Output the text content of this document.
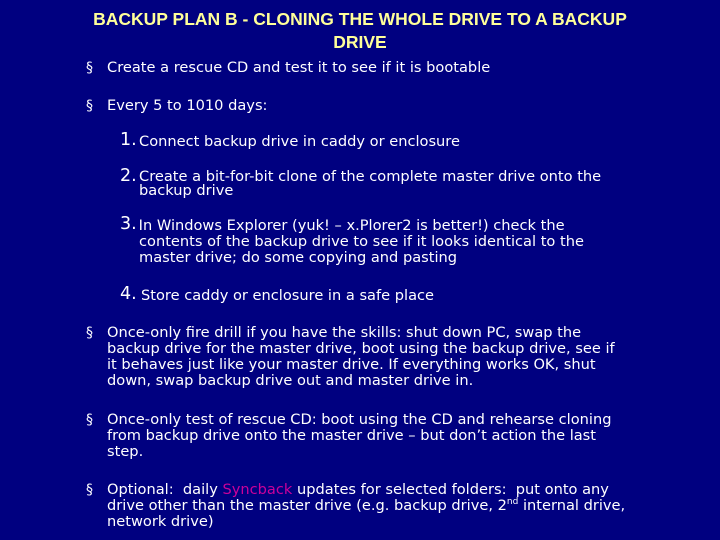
BACKUP PLAN B - CLONING THE WHOLE DRIVE TO A BACKUP
DRIVE
§ Create a rescue CD and test it to see if it is bootable
§ Every 5 to 1010 days:
1. Connect backup drive in caddy or enclosure
2. Create a bit-for-bit clone of the complete master drive onto the
backup drive
3.
In Windows Explorer (yuk! – x.Plorer2 is better!) check the
contents of the backup drive to see if it looks identical to the
master drive; do some copying and pasting
4. Store caddy or enclosure in a safe place
§ Once-only fire drill if you have the skills: shut down PC, swap the
backup drive for the master drive, boot using the backup drive, see if
it behaves just like your master drive. If everything works OK, shut
down, swap backup drive out and master drive in.
§ Once-only test of rescue CD: boot using the CD and rehearse cloning
from backup drive onto the master drive – but don’t action the last
step.
§ Optional:  daily Syncback updates for selected folders:  put onto any
drive other than the master drive (e.g. backup drive, 2nd internal drive,
network drive)
